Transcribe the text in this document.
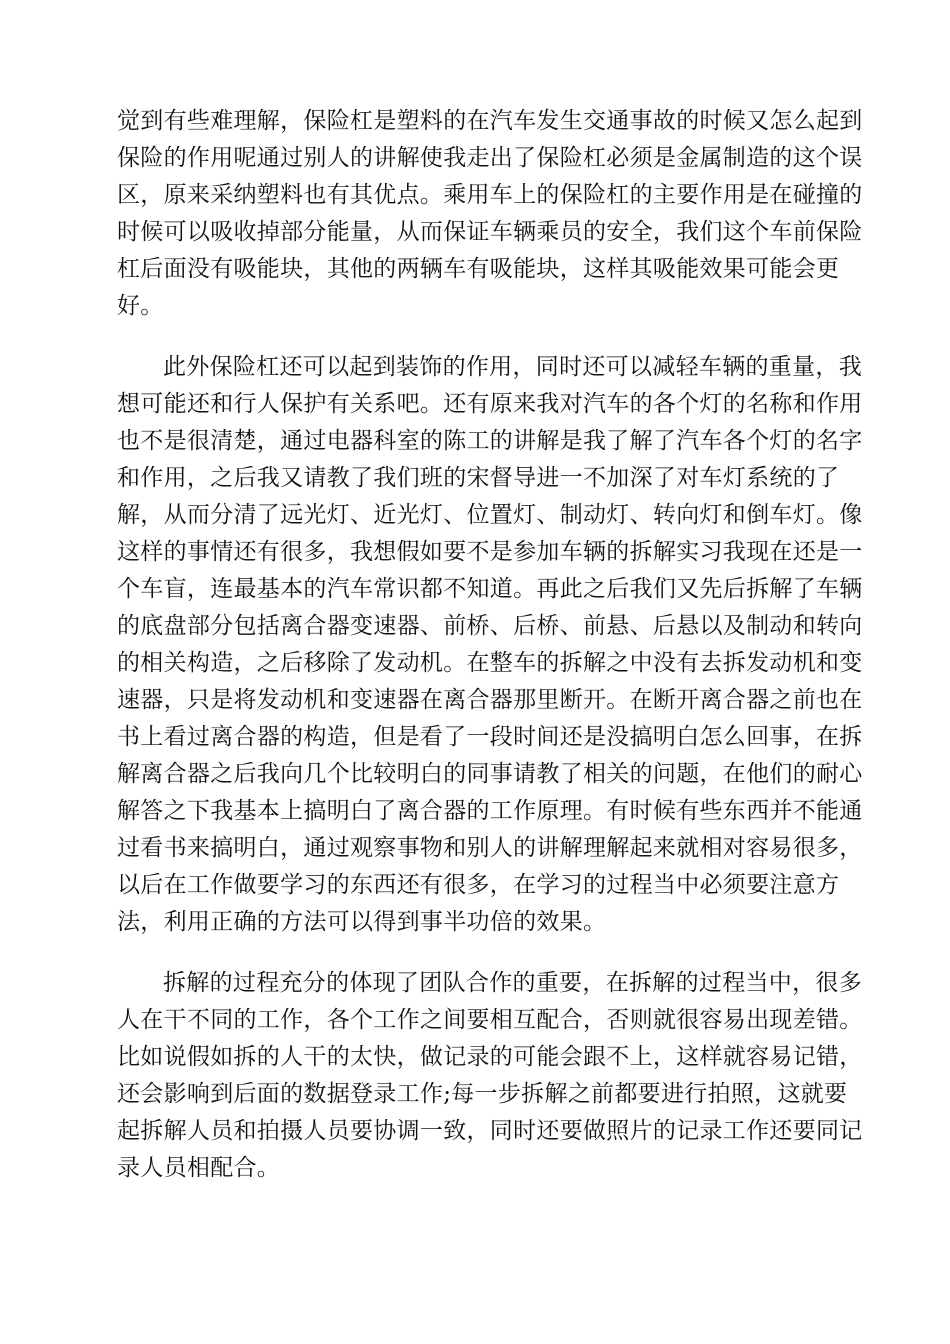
觉到有些难理解，保险杠是塑料的在汽车发生交通事故的时候又怎么起到
保险的作用呢通过别人的讲解使我走出了保险杠必须是金属制造的这个误
区，原来采纳塑料也有其优点。乘用车上的保险杠的主要作用是在碰撞的
时候可以吸收掉部分能量，从而保证车辆乘员的安全，我们这个车前保险
杠后面没有吸能块，其他的两辆车有吸能块，这样其吸能效果可能会更
好。
此外保险杠还可以起到装饰的作用，同时还可以减轻车辆的重量，我
想可能还和行人保护有关系吧。还有原来我对汽车的各个灯的名称和作用
也不是很清楚，通过电器科室的陈工的讲解是我了解了汽车各个灯的名字
和作用，之后我又请教了我们班的宋督导进一不加深了对车灯系统的了
解，从而分清了远光灯、近光灯、位置灯、制动灯、转向灯和倒车灯。像
这样的事情还有很多，我想假如要不是参加车辆的拆解实习我现在还是一
个车盲，连最基本的汽车常识都不知道。再此之后我们又先后拆解了车辆
的底盘部分包括离合器变速器、前桥、后桥、前悬、后悬以及制动和转向
的相关构造，之后移除了发动机。在整车的拆解之中没有去拆发动机和变
速器，只是将发动机和变速器在离合器那里断开。在断开离合器之前也在
书上看过离合器的构造，但是看了一段时间还是没搞明白怎么回事，在拆
解离合器之后我向几个比较明白的同事请教了相关的问题，在他们的耐心
解答之下我基本上搞明白了离合器的工作原理。有时候有些东西并不能通
过看书来搞明白，通过观察事物和别人的讲解理解起来就相对容易很多，
以后在工作做要学习的东西还有很多，在学习的过程当中必须要注意方
法，利用正确的方法可以得到事半功倍的效果。
拆解的过程充分的体现了团队合作的重要，在拆解的过程当中，很多
人在干不同的工作，各个工作之间要相互配合，否则就很容易出现差错。
比如说假如拆的人干的太快，做记录的可能会跟不上，这样就容易记错，
还会影响到后面的数据登录工作;每一步拆解之前都要进行拍照，这就要
起拆解人员和拍摄人员要协调一致，同时还要做照片的记录工作还要同记
录人员相配合。
